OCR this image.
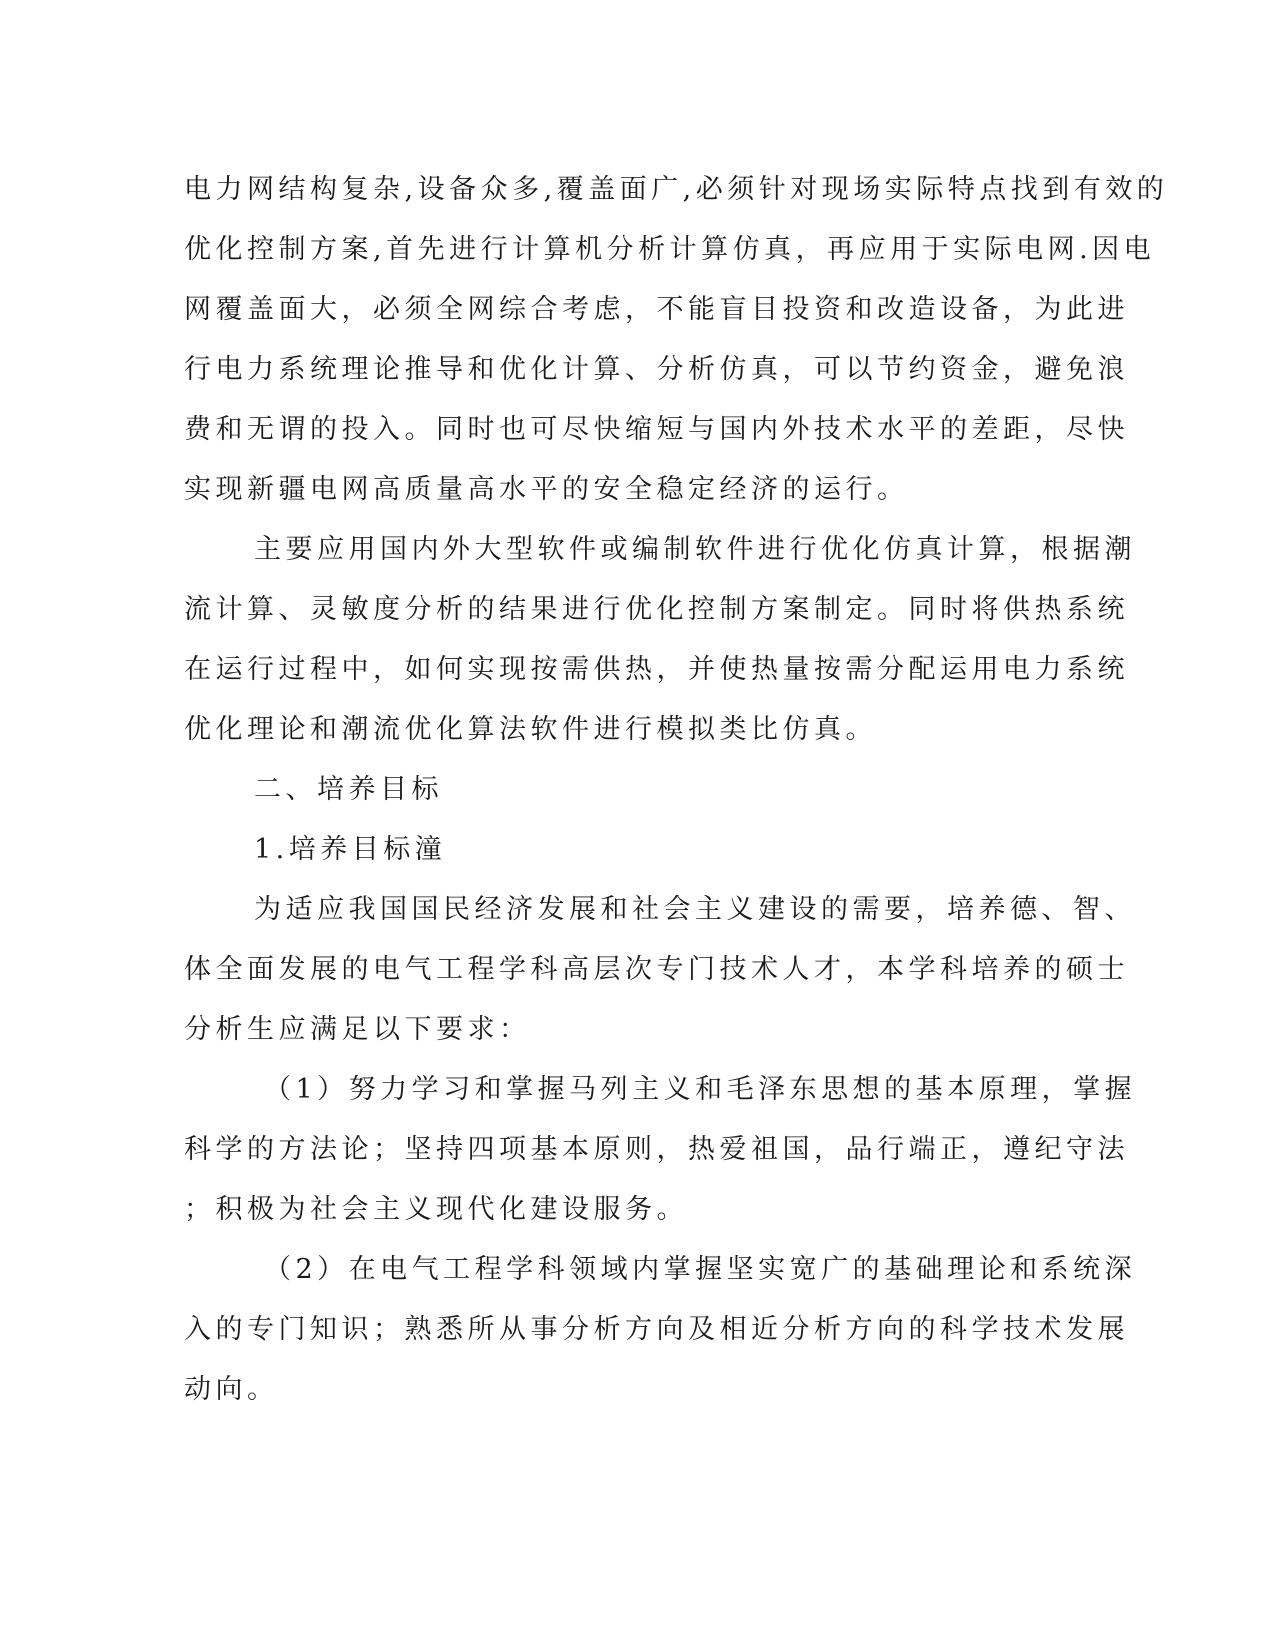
电力网结构复杂,设备众多,覆盖面广,必须针对现场实际特点找到有效的
优化控制方案,首先进行计算机分析计算仿真，再应用于实际电网.因电
网覆盖面大，必须全网综合考虑，不能盲目投资和改造设备，为此进
行电力系统理论推导和优化计算、分析仿真，可以节约资金，避免浪
费和无谓的投入。同时也可尽快缩短与国内外技术水平的差距，尽快
实现新疆电网高质量高水平的安全稳定经济的运行。
主要应用国内外大型软件或编制软件进行优化仿真计算，根据潮
流计算、灵敏度分析的结果进行优化控制方案制定。同时将供热系统
在运行过程中，如何实现按需供热，并使热量按需分配运用电力系统
优化理论和潮流优化算法软件进行模拟类比仿真。
二、培养目标
1.培养目标潼
为适应我国国民经济发展和社会主义建设的需要，培养德、智、
体全面发展的电气工程学科高层次专门技术人才，本学科培养的硕士
分析生应满足以下要求：
（1）努力学习和掌握马列主义和毛泽东思想的基本原理，掌握
科学的方法论；坚持四项基本原则，热爱祖国，品行端正，遵纪守法
；积极为社会主义现代化建设服务。
（2）在电气工程学科领域内掌握坚实宽广的基础理论和系统深
入的专门知识；熟悉所从事分析方向及相近分析方向的科学技术发展
动向。
